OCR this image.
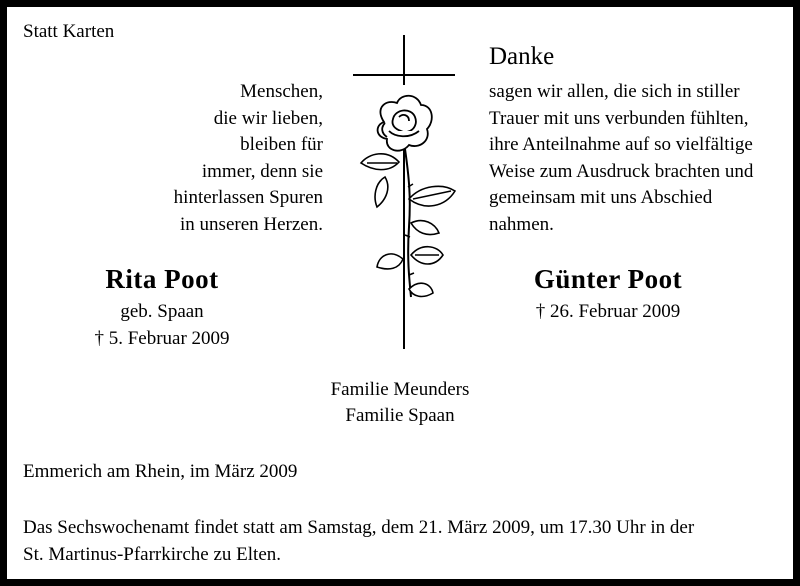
Statt Karten
Menschen,
die wir lieben,
bleiben für
immer, denn sie
hinterlassen Spuren
in unseren Herzen.
Danke
sagen wir allen, die sich in stiller
Trauer mit uns verbunden fühlten,
ihre Anteilnahme auf so vielfältige
Weise zum Ausdruck brachten und
gemeinsam mit uns Abschied
nahmen.
Rita Poot
geb. Spaan
† 5. Februar 2009
Günter Poot
† 26. Februar 2009
Familie Meunders
Familie Spaan
Emmerich am Rhein, im März 2009
Das Sechswochenamt findet statt am Samstag, dem 21. März 2009, um 17.30 Uhr in der
St. Martinus-Pfarrkirche zu Elten.
